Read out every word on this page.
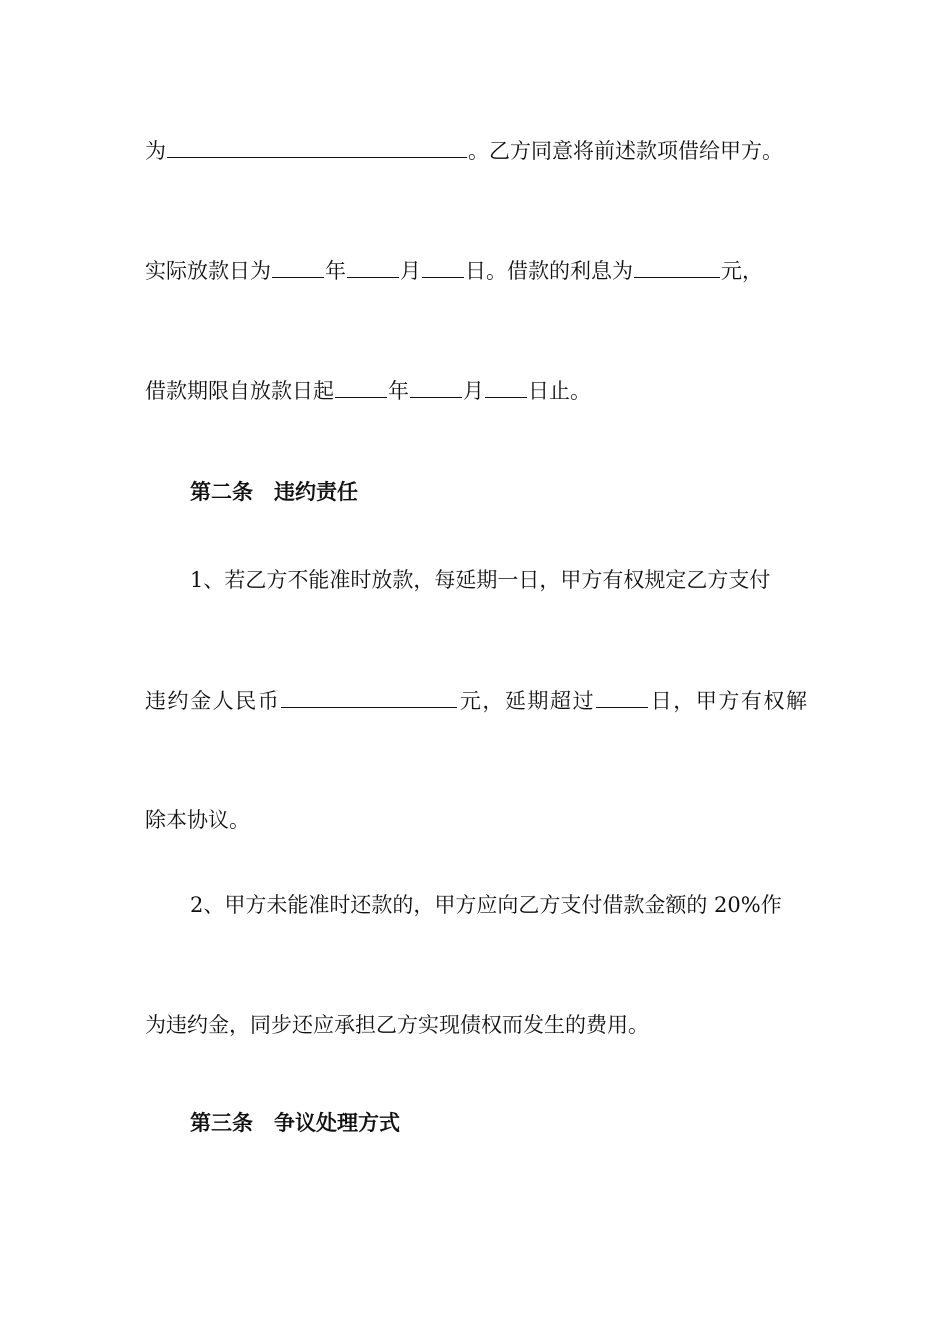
为	。乙方同意将前述款项借给甲方。
实际放款日为	年	月 日。借款的利息为	元，
借款期限自放款日起	年	月 日止。
第二条 违约责任
1、若乙方不能准时放款，每延期一日，甲方有权规定乙方支付
违约金人民币	元，延期超过	日，甲方有权解
除本协议。
2、甲方未能准时还款的，甲方应向乙方支付借款金额的 20%作
为违约金，同步还应承担乙方实现债权而发生的费用。
第三条 争议处理方式
